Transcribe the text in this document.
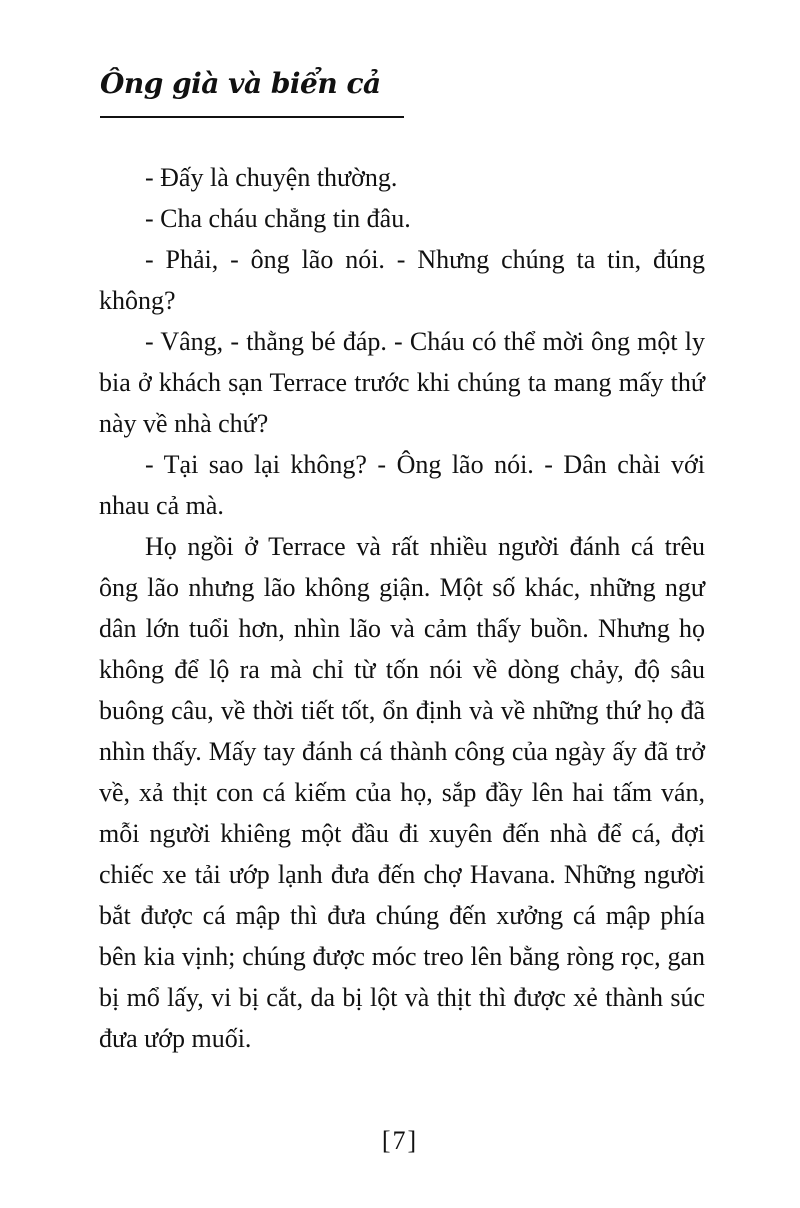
Ông già và biển cả

- Đấy là chuyện thường.

- Cha cháu chẳng tin đâu.

- Phải, - ông lão nói. - Nhưng chúng ta tin, đúng không?

- Vâng, - thằng bé đáp. - Cháu có thể mời ông một ly bia ở khách sạn Terrace trước khi chúng ta mang mấy thứ này về nhà chứ?

- Tại sao lại không? - Ông lão nói. - Dân chài với nhau cả mà.

Họ ngồi ở Terrace và rất nhiều người đánh cá trêu ông lão nhưng lão không giận. Một số khác, những ngư dân lớn tuổi hơn, nhìn lão và cảm thấy buồn. Nhưng họ không để lộ ra mà chỉ từ tốn nói về dòng chảy, độ sâu buông câu, về thời tiết tốt, ổn định và về những thứ họ đã nhìn thấy. Mấy tay đánh cá thành công của ngày ấy đã trở về, xả thịt con cá kiếm của họ, sắp đầy lên hai tấm ván, mỗi người khiêng một đầu đi xuyên đến nhà để cá, đợi chiếc xe tải ướp lạnh đưa đến chợ Havana. Những người bắt được cá mập thì đưa chúng đến xưởng cá mập phía bên kia vịnh; chúng được móc treo lên bằng ròng rọc, gan bị mổ lấy, vi bị cắt, da bị lột và thịt thì được xẻ thành súc đưa ướp muối.

[7]
